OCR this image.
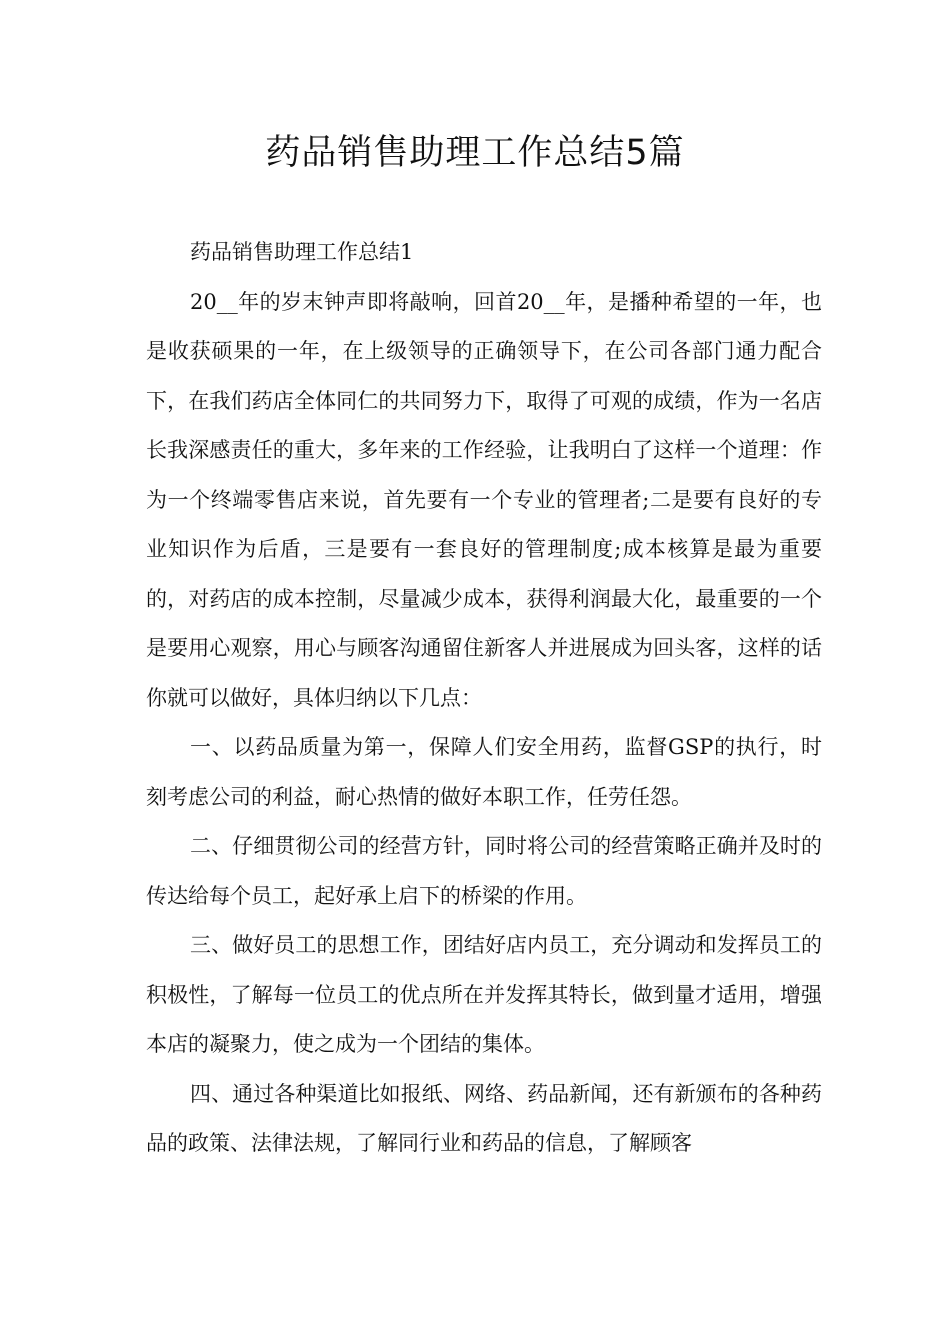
药品销售助理工作总结5篇

药品销售助理工作总结1

20__年的岁末钟声即将敲响，回首20__年，是播种希望的一年，也是收获硕果的一年，在上级领导的正确领导下，在公司各部门通力配合下，在我们药店全体同仁的共同努力下，取得了可观的成绩，作为一名店长我深感责任的重大，多年来的工作经验，让我明白了这样一个道理：作为一个终端零售店来说，首先要有一个专业的管理者;二是要有良好的专业知识作为后盾，三是要有一套良好的管理制度;成本核算是最为重要的，对药店的成本控制，尽量减少成本，获得利润最大化，最重要的一个是要用心观察，用心与顾客沟通留住新客人并进展成为回头客，这样的话你就可以做好，具体归纳以下几点：

一、以药品质量为第一，保障人们安全用药，监督GSP的执行，时刻考虑公司的利益，耐心热情的做好本职工作，任劳任怨。

二、仔细贯彻公司的经营方针，同时将公司的经营策略正确并及时的传达给每个员工，起好承上启下的桥梁的作用。

三、做好员工的思想工作，团结好店内员工，充分调动和发挥员工的积极性，了解每一位员工的优点所在并发挥其特长，做到量才适用，增强本店的凝聚力，使之成为一个团结的集体。

四、通过各种渠道比如报纸、网络、药品新闻，还有新颁布的各种药品的政策、法律法规，了解同行业和药品的信息，了解顾客
